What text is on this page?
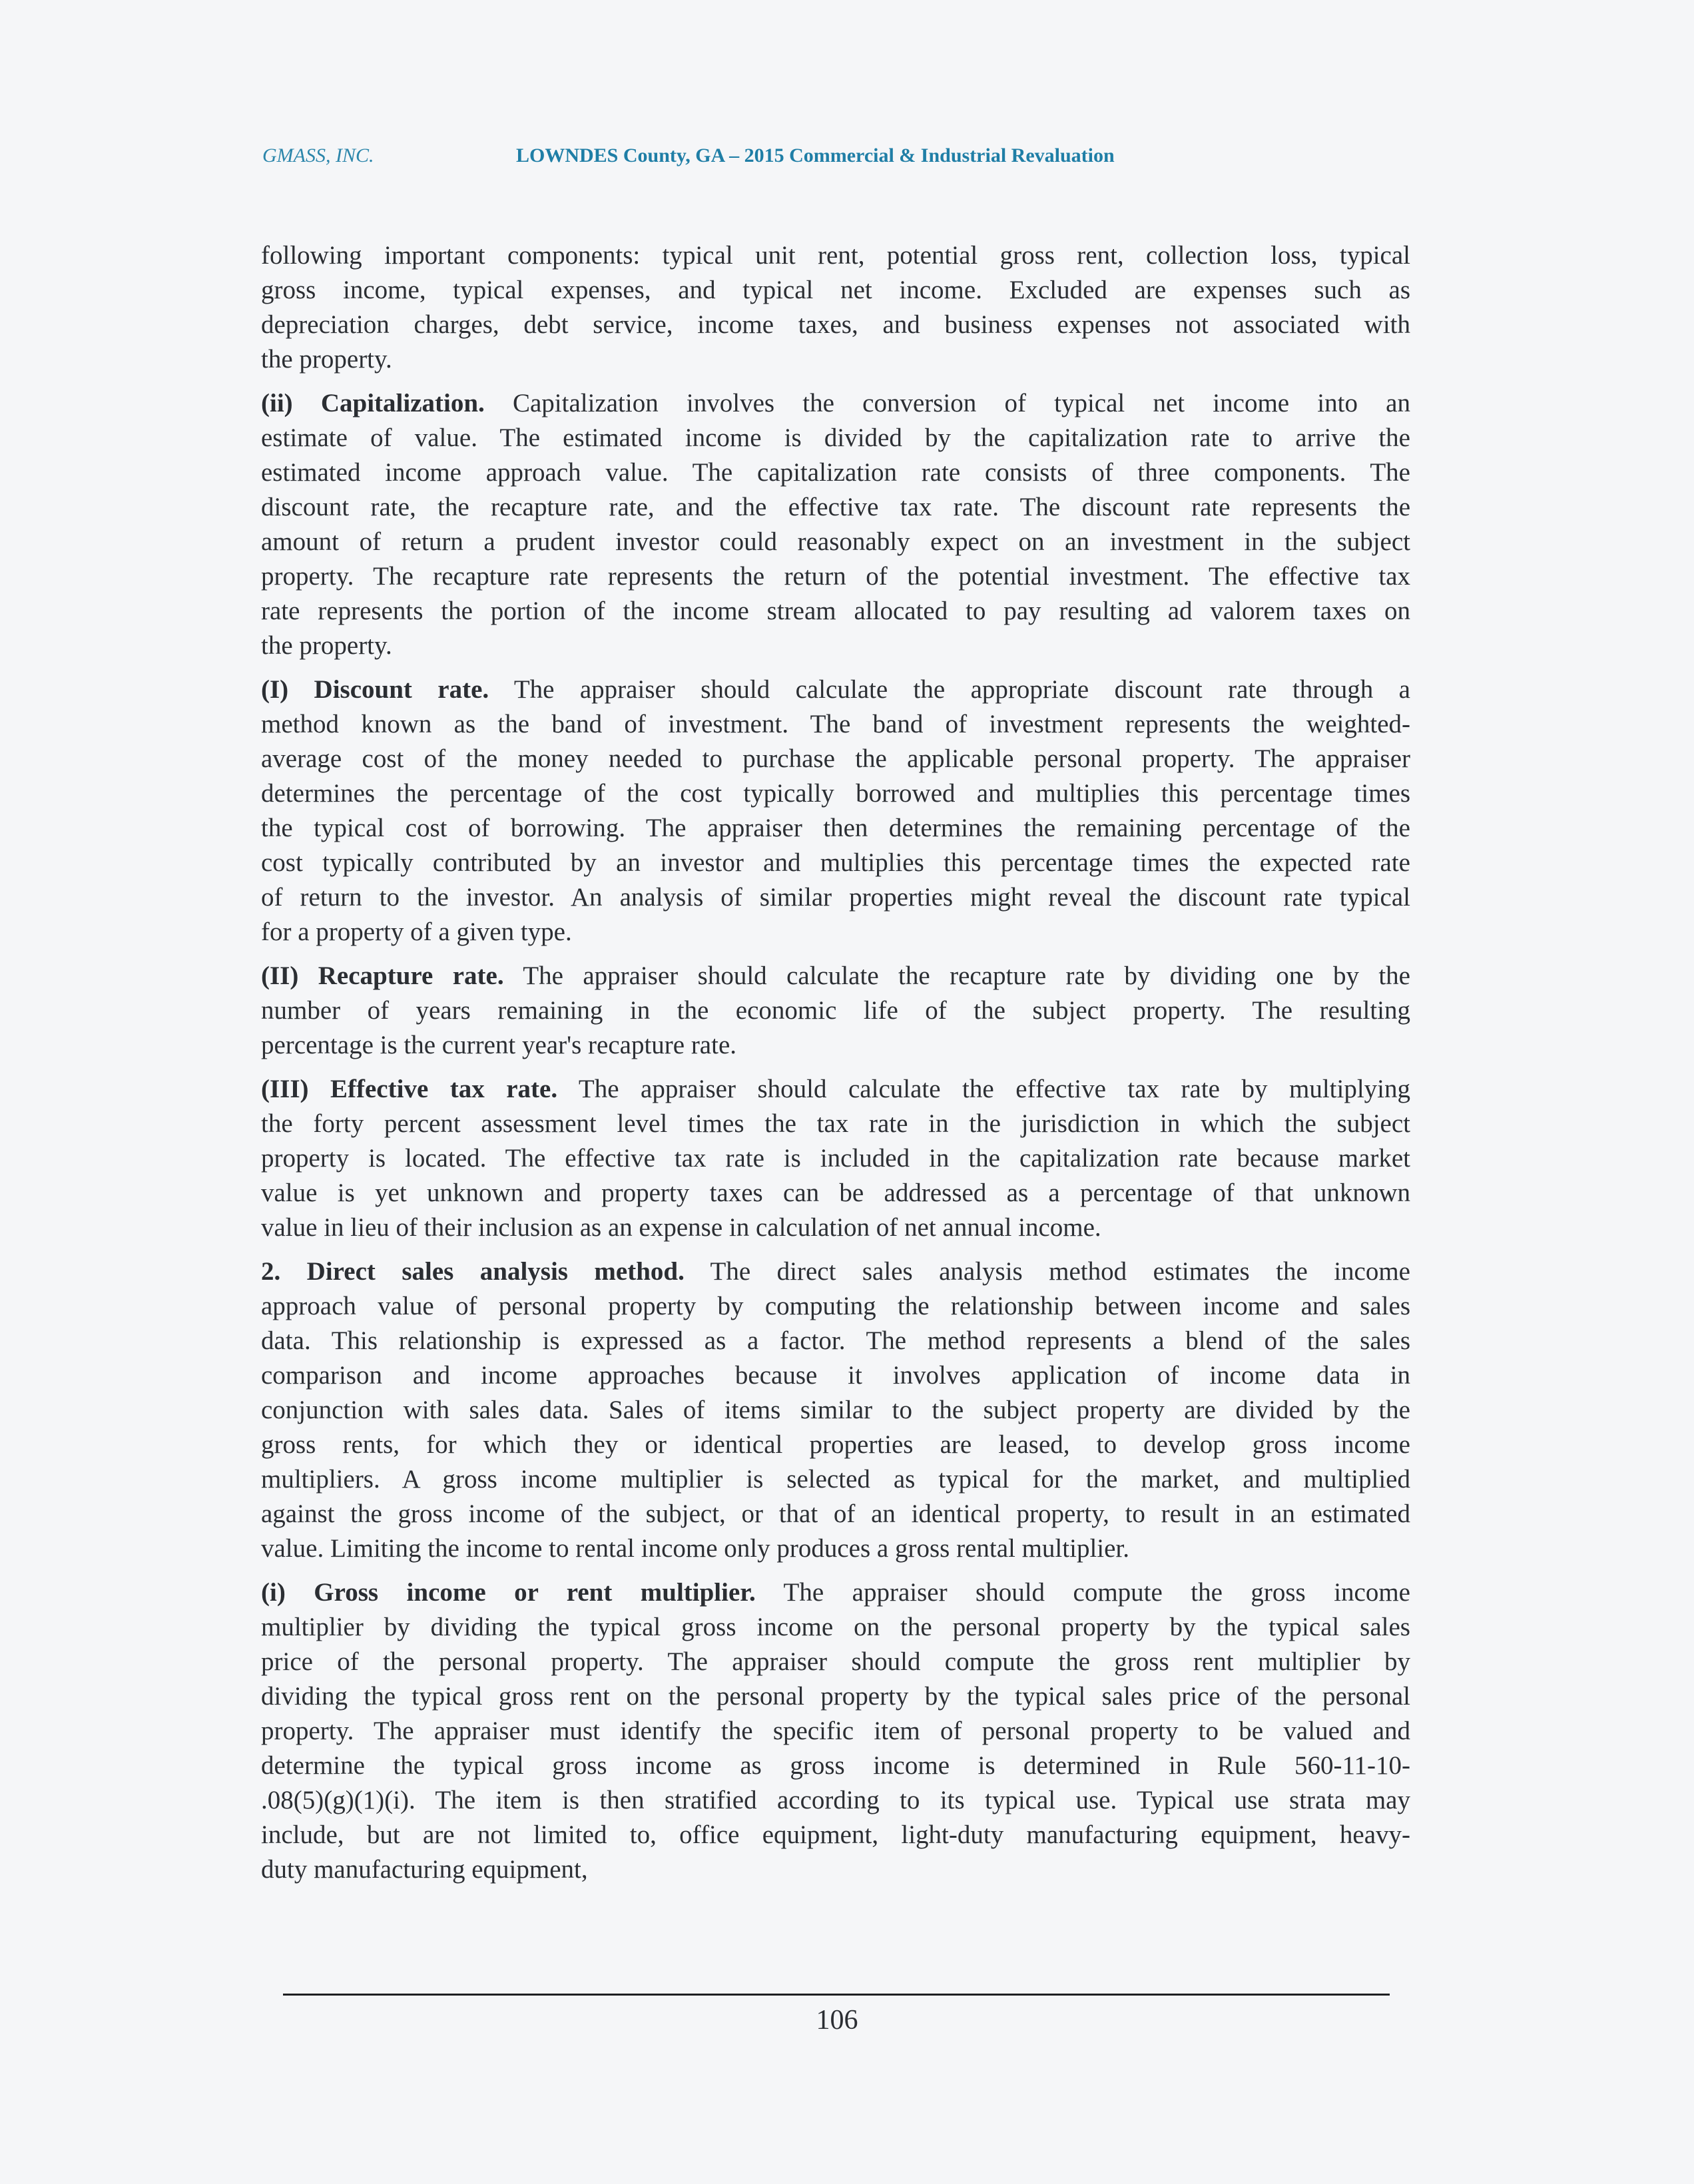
GMASS, INC.	LOWNDES County, GA – 2015 Commercial & Industrial Revaluation
following important components: typical unit rent, potential gross rent, collection loss, typical
gross income, typical expenses, and typical net income. Excluded are expenses such as
depreciation charges, debt service, income taxes, and business expenses not associated with
the property.
(ii) Capitalization. Capitalization involves the conversion of typical net income into an
estimate of value. The estimated income is divided by the capitalization rate to arrive the
estimated income approach value. The capitalization rate consists of three components. The
discount rate, the recapture rate, and the effective tax rate. The discount rate represents the
amount of return a prudent investor could reasonably expect on an investment in the subject
property. The recapture rate represents the return of the potential investment. The effective tax
rate represents the portion of the income stream allocated to pay resulting ad valorem taxes on
the property.
(I) Discount rate. The appraiser should calculate the appropriate discount rate through a
method known as the band of investment. The band of investment represents the weighted-
average cost of the money needed to purchase the applicable personal property. The appraiser
determines the percentage of the cost typically borrowed and multiplies this percentage times
the typical cost of borrowing. The appraiser then determines the remaining percentage of the
cost typically contributed by an investor and multiplies this percentage times the expected rate
of return to the investor. An analysis of similar properties might reveal the discount rate typical
for a property of a given type.
(II) Recapture rate. The appraiser should calculate the recapture rate by dividing one by the
number of years remaining in the economic life of the subject property. The resulting
percentage is the current year's recapture rate.
(III) Effective tax rate. The appraiser should calculate the effective tax rate by multiplying
the forty percent assessment level times the tax rate in the jurisdiction in which the subject
property is located. The effective tax rate is included in the capitalization rate because market
value is yet unknown and property taxes can be addressed as a percentage of that unknown
value in lieu of their inclusion as an expense in calculation of net annual income.
2. Direct sales analysis method. The direct sales analysis method estimates the income
approach value of personal property by computing the relationship between income and sales
data. This relationship is expressed as a factor. The method represents a blend of the sales
comparison and income approaches because it involves application of income data in
conjunction with sales data. Sales of items similar to the subject property are divided by the
gross rents, for which they or identical properties are leased, to develop gross income
multipliers. A gross income multiplier is selected as typical for the market, and multiplied
against the gross income of the subject, or that of an identical property, to result in an estimated
value. Limiting the income to rental income only produces a gross rental multiplier.
(i) Gross income or rent multiplier. The appraiser should compute the gross income
multiplier by dividing the typical gross income on the personal property by the typical sales
price of the personal property. The appraiser should compute the gross rent multiplier by
dividing the typical gross rent on the personal property by the typical sales price of the personal
property. The appraiser must identify the specific item of personal property to be valued and
determine the typical gross income as gross income is determined in Rule 560-11-10-
.08(5)(g)(1)(i). The item is then stratified according to its typical use. Typical use strata may
include, but are not limited to, office equipment, light-duty manufacturing equipment, heavy-
duty manufacturing equipment,
106
